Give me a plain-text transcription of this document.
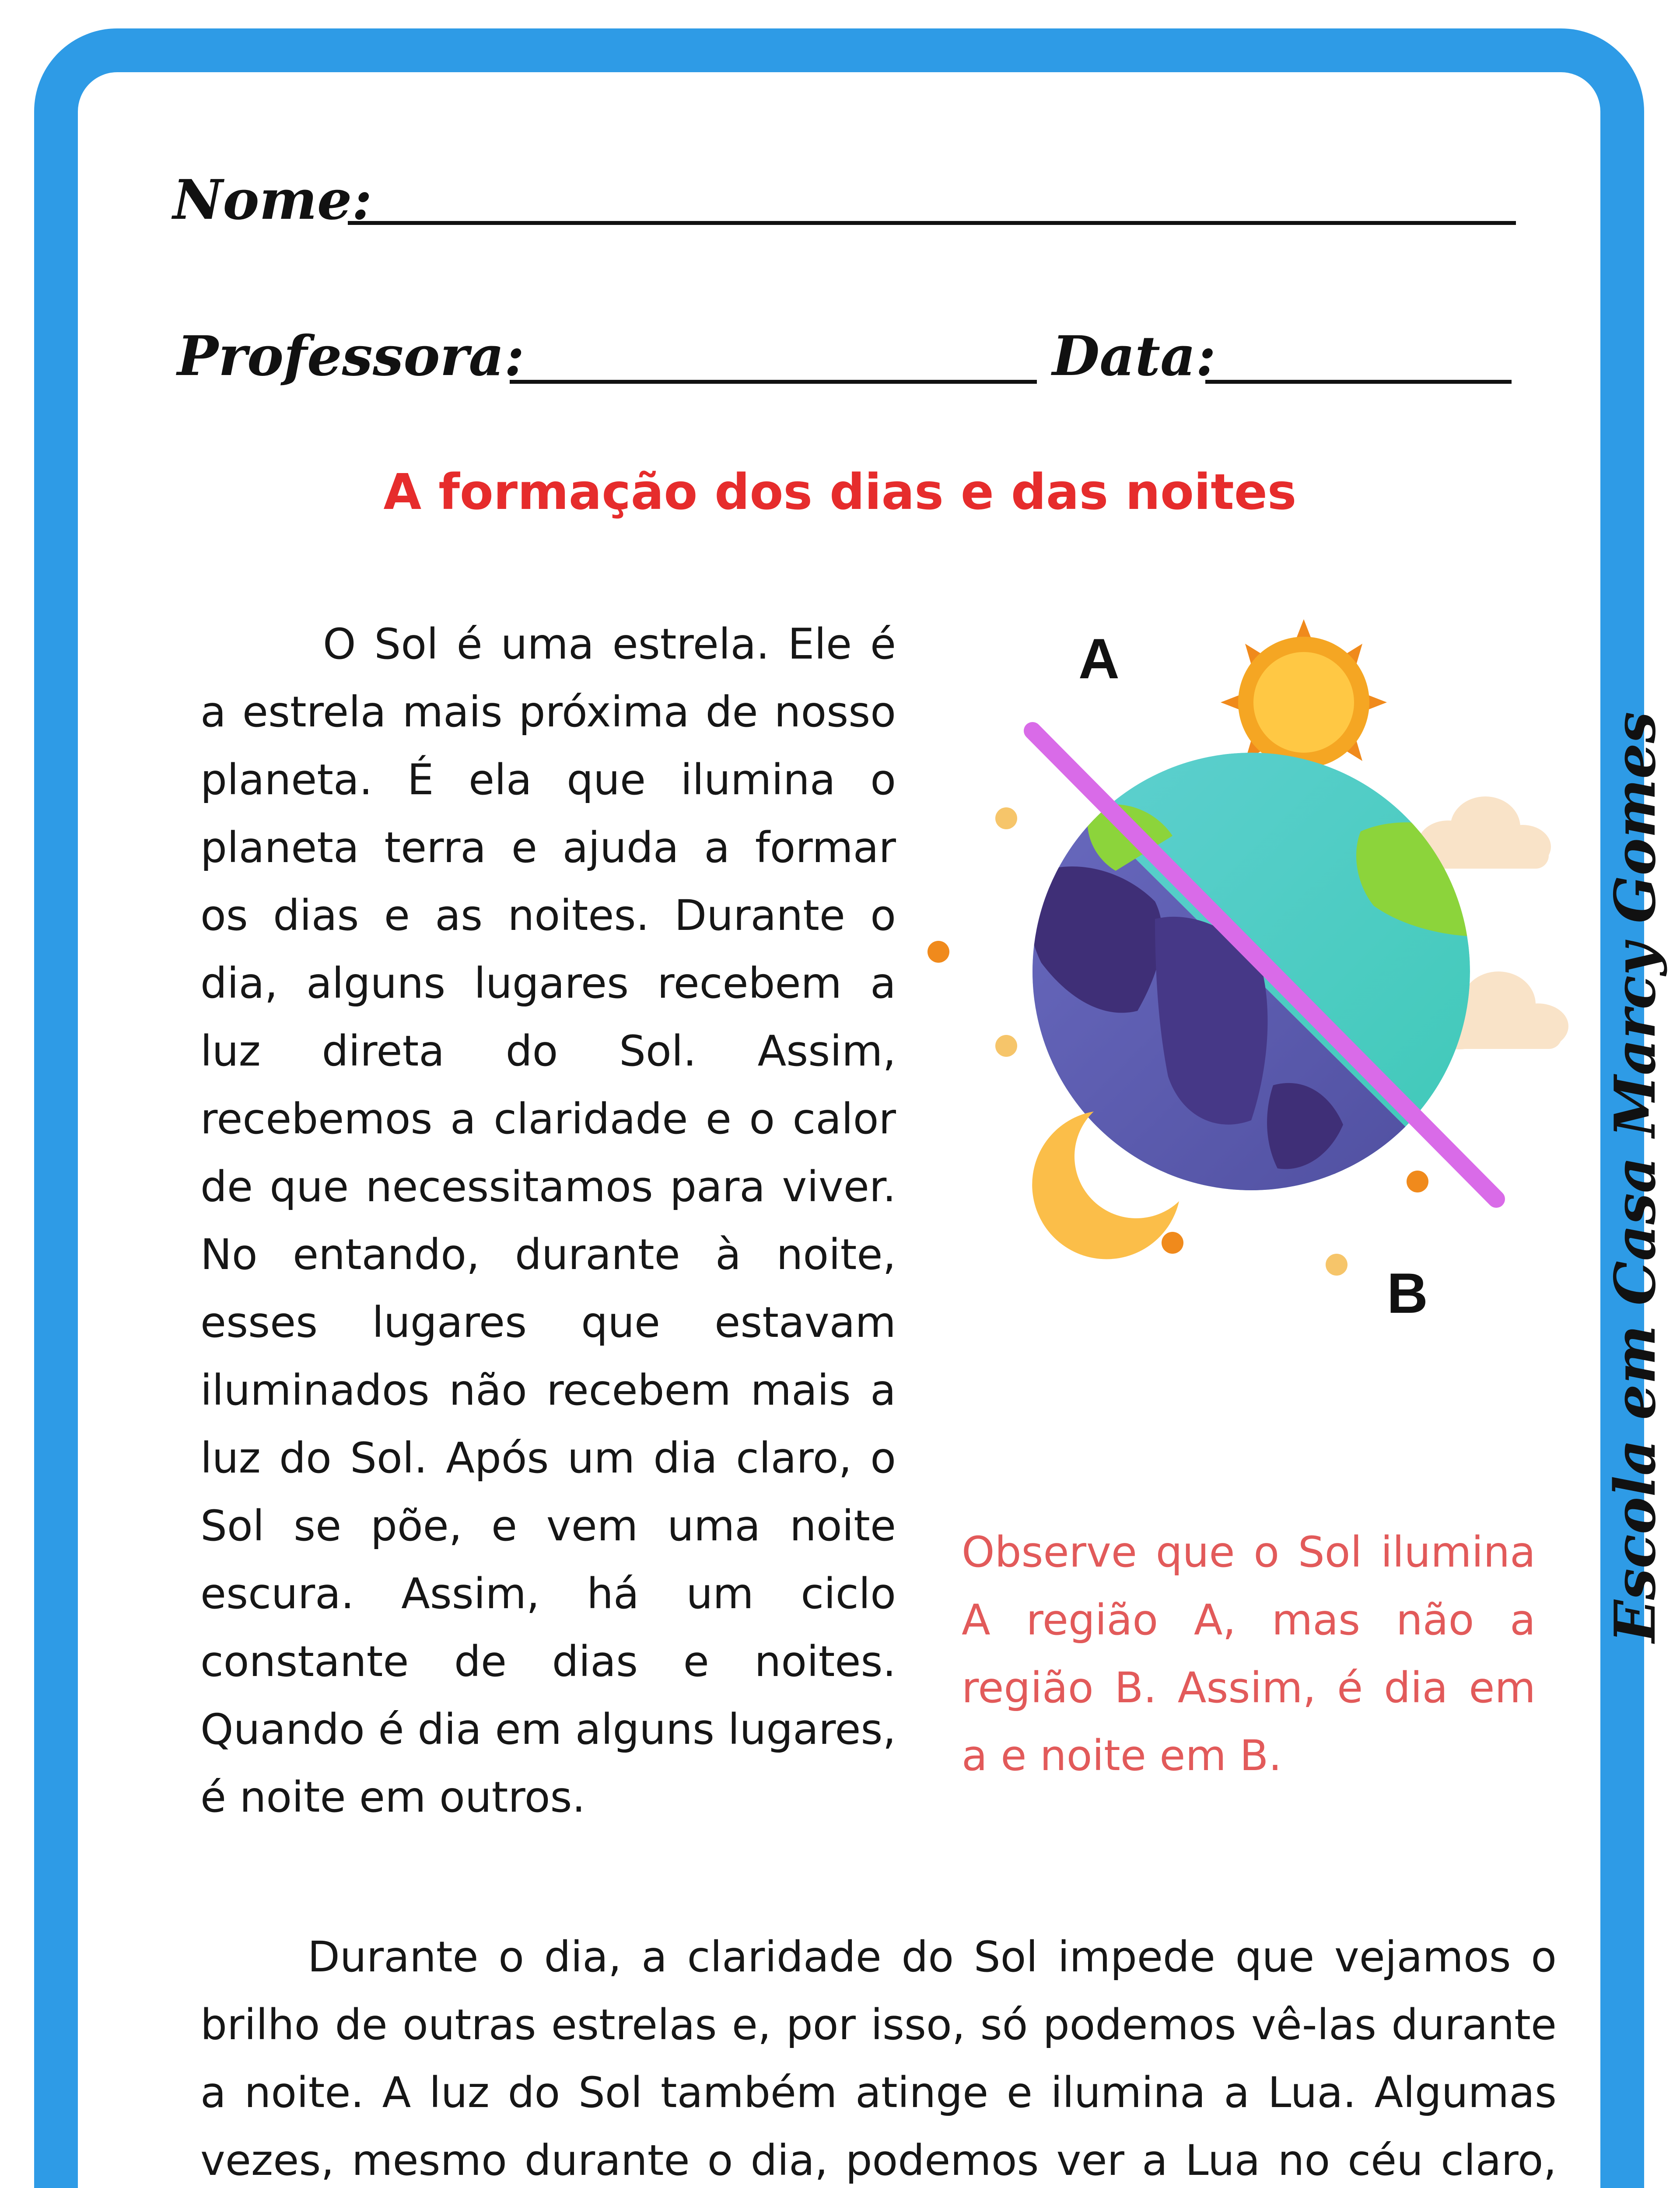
Nome:
Professora:	Data:
A formação dos dias e das noites

O Sol é uma estrela. Ele é a estrela mais próxima de nosso planeta. É ela que ilumina o planeta terra e ajuda a formar os dias e as noites. Durante o dia, alguns lugares recebem a luz direta do Sol. Assim, recebemos a claridade e o calor de que necessitamos para viver. No entando, durante à noite, esses lugares que estavam iluminados não recebem mais a luz do Sol. Após um dia claro, o Sol se põe, e vem uma noite escura. Assim, há um ciclo constante de dias e noites. Quando é dia em alguns lugares, é noite em outros.

A
B

Observe que o Sol ilumina A região A, mas não a região B. Assim, é dia em a e noite em B.

Escola em Casa Marcy Gomes

Durante o dia, a claridade do Sol impede que vejamos o brilho de outras estrelas e, por isso, só podemos vê-las durante a noite. A luz do Sol também atinge e ilumina a Lua. Algumas vezes, mesmo durante o dia, podemos ver a Lua no céu claro,
